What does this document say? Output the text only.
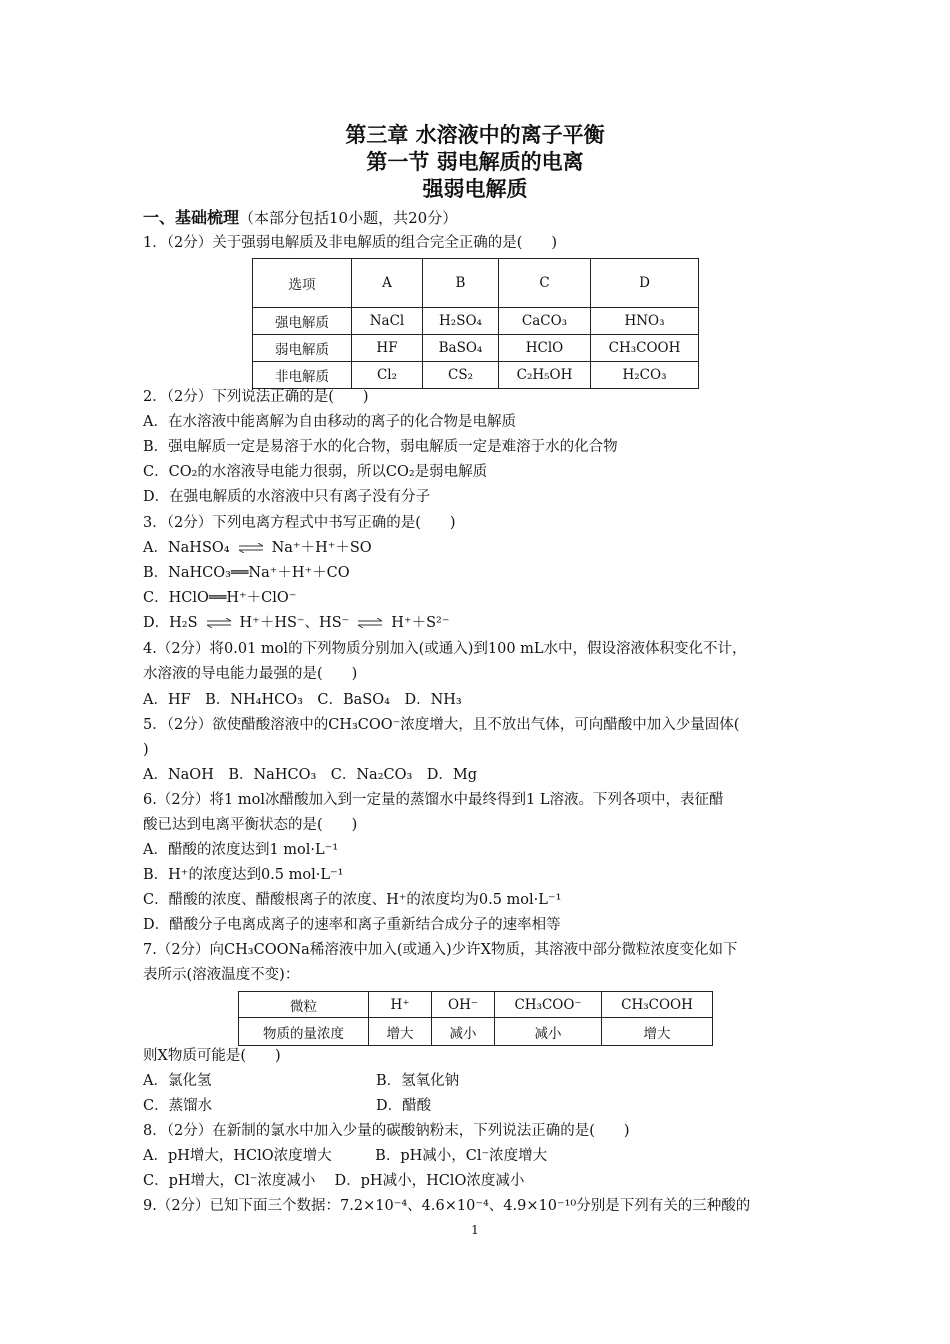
第三章 水溶液中的离子平衡
第一节 弱电解质的电离
强弱电解质
一、基础梳理（本部分包括10小题，共20分）
1．（2分）关于强弱电解质及非电解质的组合完全正确的是(　　)
选项	A	B	C	D
强电解质	NaCl	H₂SO₄	CaCO₃	HNO₃
弱电解质	HF	BaSO₄	HClO	CH₃COOH
非电解质	Cl₂	CS₂	C₂H₅OH	H₂CO₃
2．（2分）下列说法正确的是(　　)
A．在水溶液中能离解为自由移动的离子的化合物是电解质
B．强电解质一定是易溶于水的化合物，弱电解质一定是难溶于水的化合物
C．CO₂的水溶液导电能力很弱，所以CO₂是弱电解质
D．在强电解质的水溶液中只有离子没有分子
3．（2分）下列电离方程式中书写正确的是(　　)
A．NaHSO₄ ⇌ Na⁺＋H⁺＋SO
B．NaHCO₃══Na⁺＋H⁺＋CO
C．HClO══H⁺＋ClO⁻
D．H₂S ⇌ H⁺＋HS⁻、HS⁻ ⇌ H⁺＋S²⁻
4.（2分）将0.01 mol的下列物质分别加入(或通入)到100 mL水中，假设溶液体积变化不计，
水溶液的导电能力最强的是(　　)
A．HF　B．NH₄HCO₃　C．BaSO₄　D．NH₃
5．（2分）欲使醋酸溶液中的CH₃COO⁻浓度增大，且不放出气体，可向醋酸中加入少量固体(
)
A．NaOH　B．NaHCO₃　C．Na₂CO₃　D．Mg
6.（2分）将1 mol冰醋酸加入到一定量的蒸馏水中最终得到1 L溶液。下列各项中，表征醋
酸已达到电离平衡状态的是(　　)
A．醋酸的浓度达到1 mol·L⁻¹
B．H⁺的浓度达到0.5 mol·L⁻¹
C．醋酸的浓度、醋酸根离子的浓度、H⁺的浓度均为0.5 mol·L⁻¹
D．醋酸分子电离成离子的速率和离子重新结合成分子的速率相等
7.（2分）向CH₃COONa稀溶液中加入(或通入)少许X物质，其溶液中部分微粒浓度变化如下
表所示(溶液温度不变)：
微粒	H⁺	OH⁻	CH₃COO⁻	CH₃COOH
物质的量浓度	增大	减小	减小	增大
则X物质可能是(　　)
A．氯化氢	B．氢氧化钠
C．蒸馏水	D．醋酸
8．（2分）在新制的氯水中加入少量的碳酸钠粉末，下列说法正确的是(　　)
A．pH增大，HClO浓度增大　　　B．pH减小，Cl⁻浓度增大
C．pH增大，Cl⁻浓度减小　 D．pH减小，HClO浓度减小
9.（2分）已知下面三个数据：7.2×10⁻⁴、4.6×10⁻⁴、4.9×10⁻¹⁰分别是下列有关的三种酸的
1
